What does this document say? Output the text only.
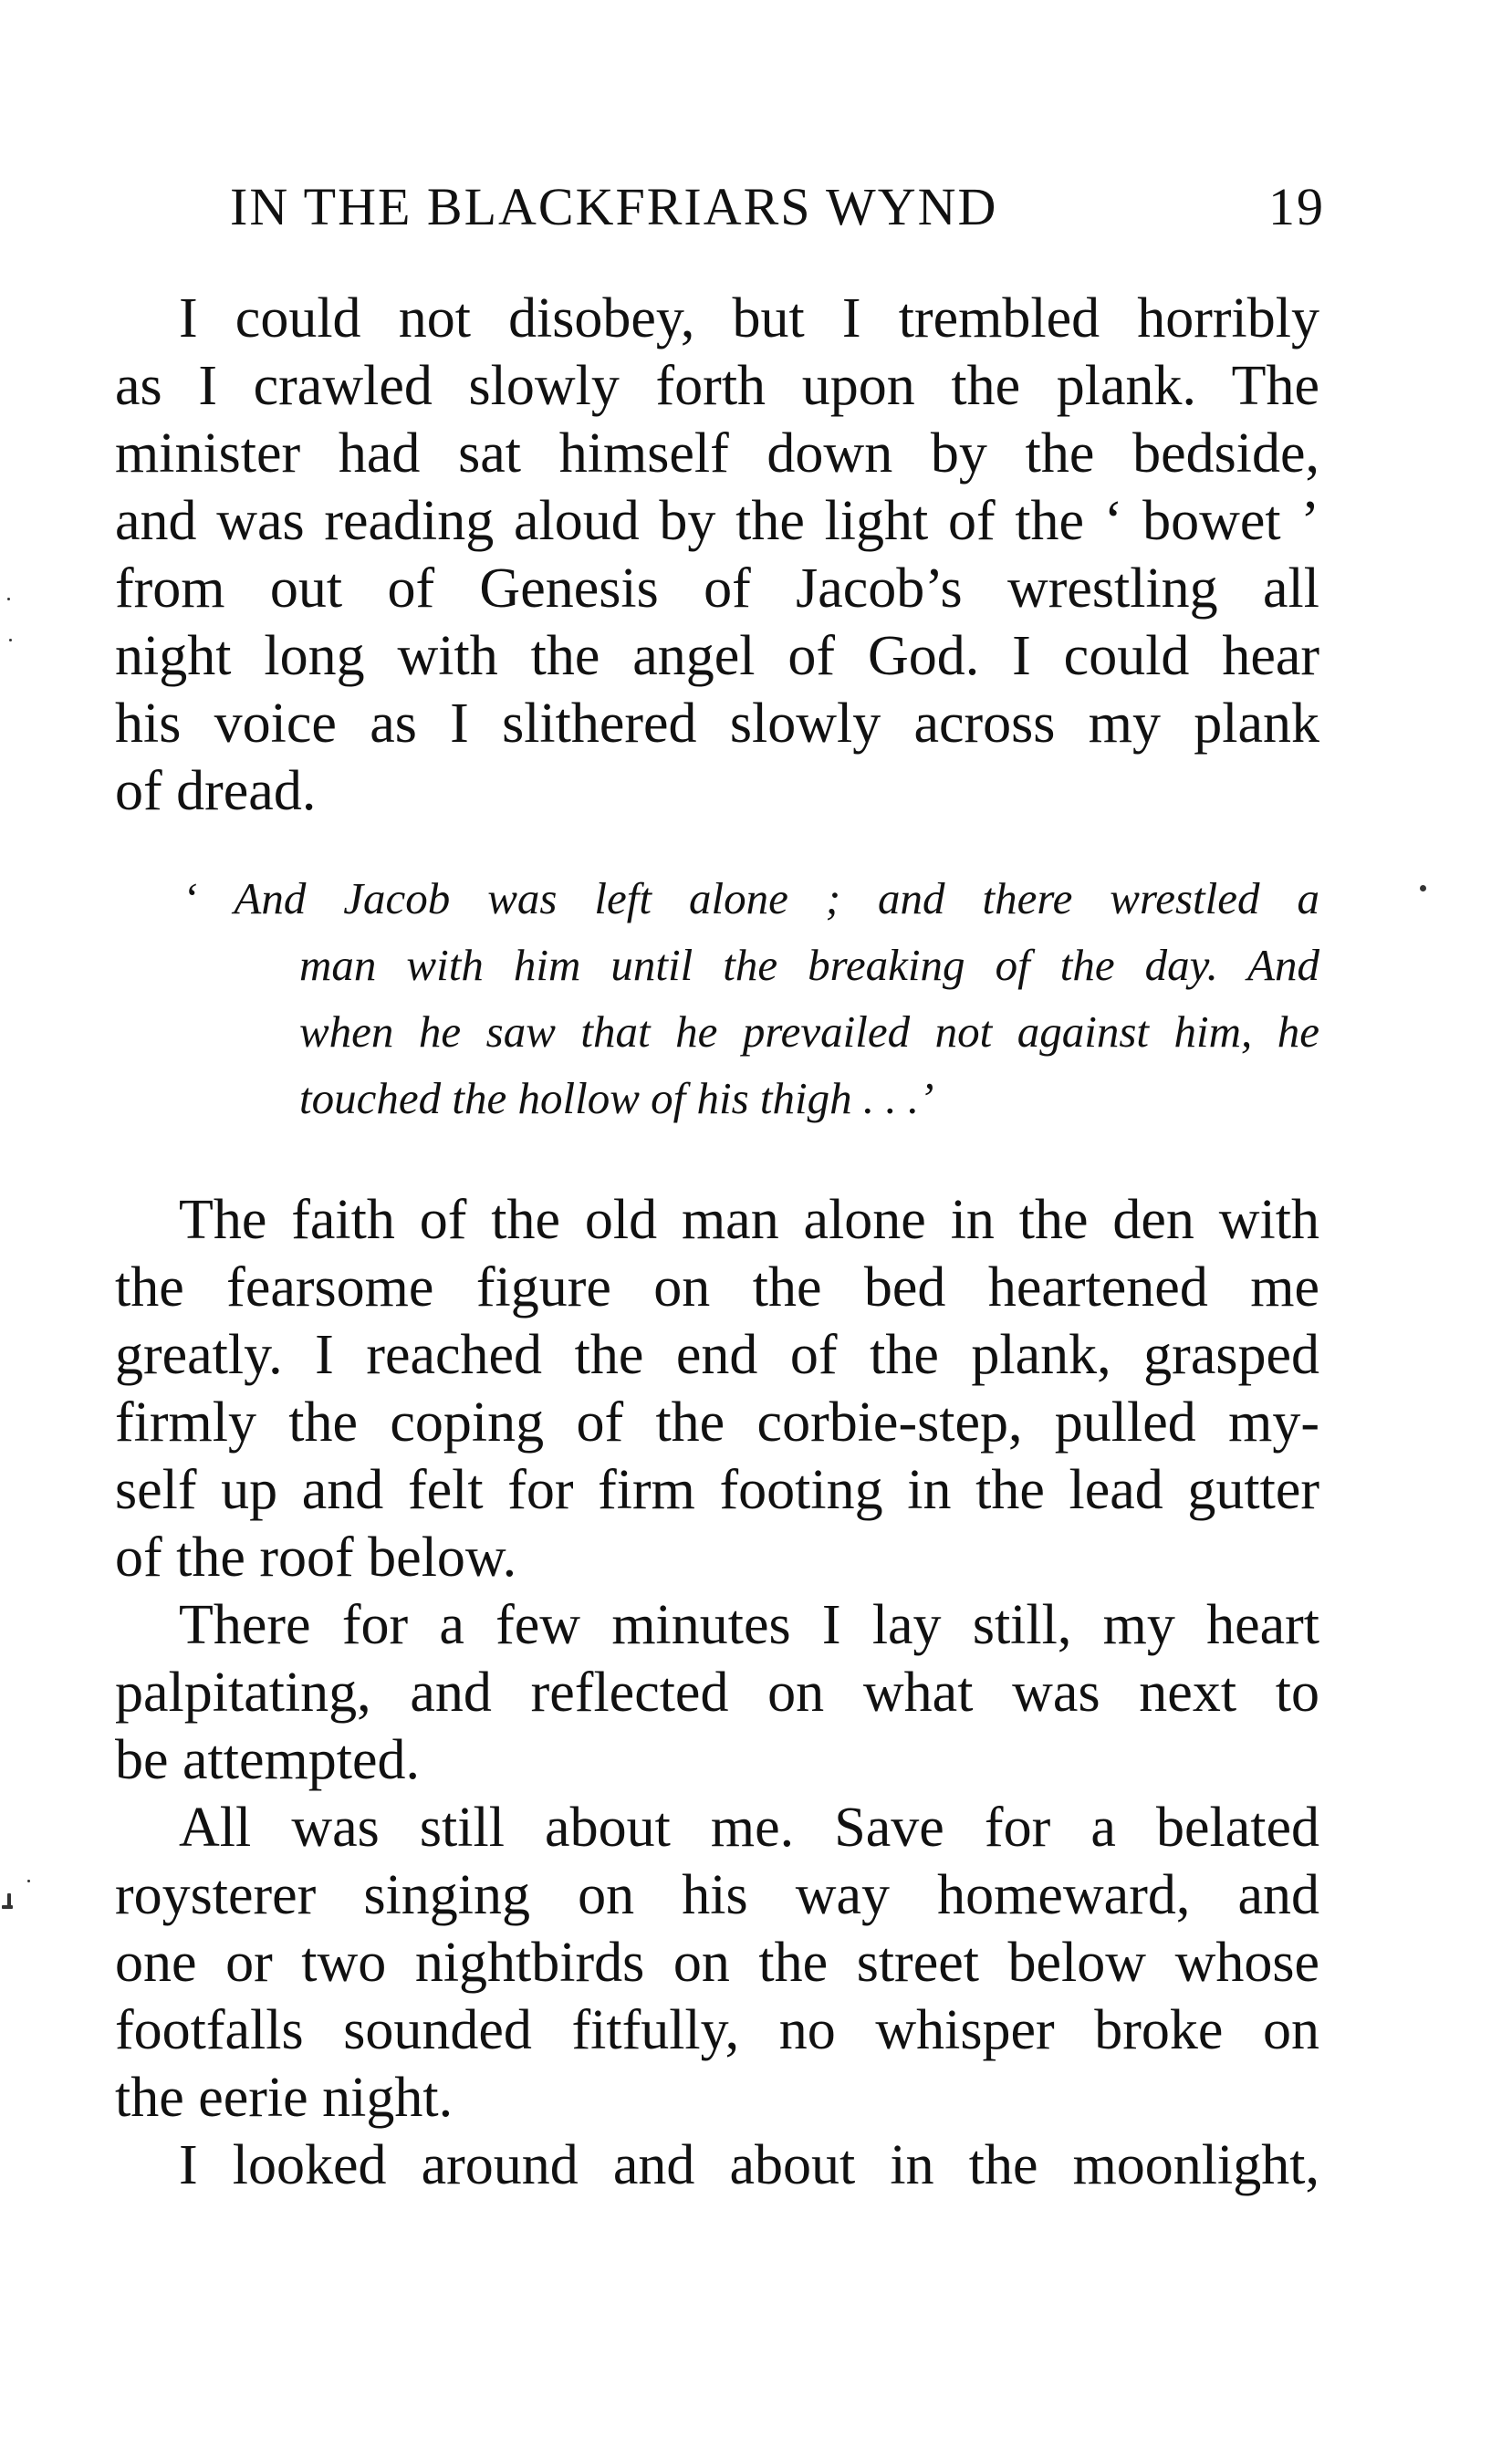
IN THE BLACKFRIARS WYND	19
I could not disobey, but I trembled horribly
as I crawled slowly forth upon the plank. The
minister had sat himself down by the bedside,
and was reading aloud by the light of the ‘ bowet ’
from out of Genesis of Jacob’s wrestling all
night long with the angel of God. I could hear
his voice as I slithered slowly across my plank
of dread.
‘ And Jacob was left alone ; and there wrestled a
man with him until the breaking of the day. And
when he saw that he prevailed not against him, he
touched the hollow of his thigh . . .’
The faith of the old man alone in the den with
the fearsome figure on the bed heartened me
greatly. I reached the end of the plank, grasped
firmly the coping of the corbie-step, pulled my-
self up and felt for firm footing in the lead gutter
of the roof below.
There for a few minutes I lay still, my heart
palpitating, and reflected on what was next to
be attempted.
All was still about me. Save for a belated
roysterer singing on his way homeward, and
one or two nightbirds on the street below whose
footfalls sounded fitfully, no whisper broke on
the eerie night.
I looked around and about in the moonlight,
